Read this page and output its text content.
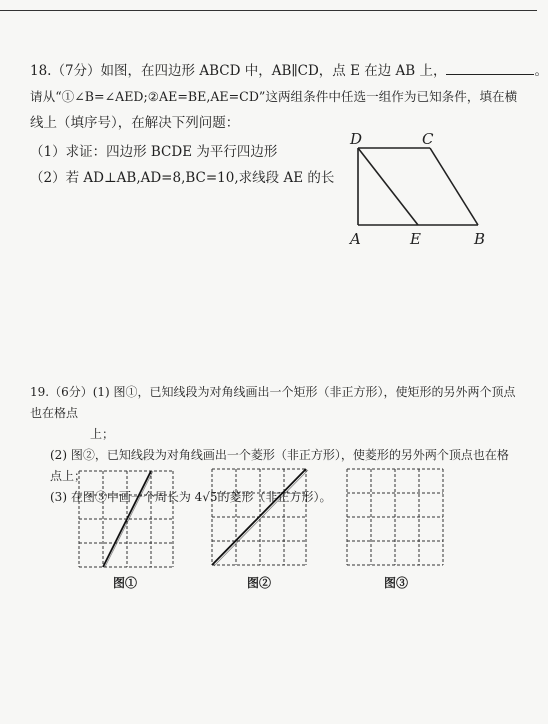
18.（7分）如图，在四边形 ABCD 中，AB∥CD，点 E 在边 AB 上，	。
请从“①∠B=∠AED;②AE=BE,AE=CD”这两组条件中任选一组作为已知条件，填在横
线上（填序号），在解决下列问题：
（1）求证：四边形 BCDE 为平行四边形
（2）若 AD⊥AB,AD=8,BC=10,求线段 AE 的长
D	C
A	E	B
19.（6分）(1) 图①，已知线段为对角线画出一个矩形（非正方形），使矩形的另外两个顶点也在格点
上；
(2) 图②，已知线段为对角线画出一个菱形（非正方形），使菱形的另外两个顶点也在格点上；
(3) 在图③中画一个周长为 4√5的菱形（非正方形）。
图①	图②	图③
